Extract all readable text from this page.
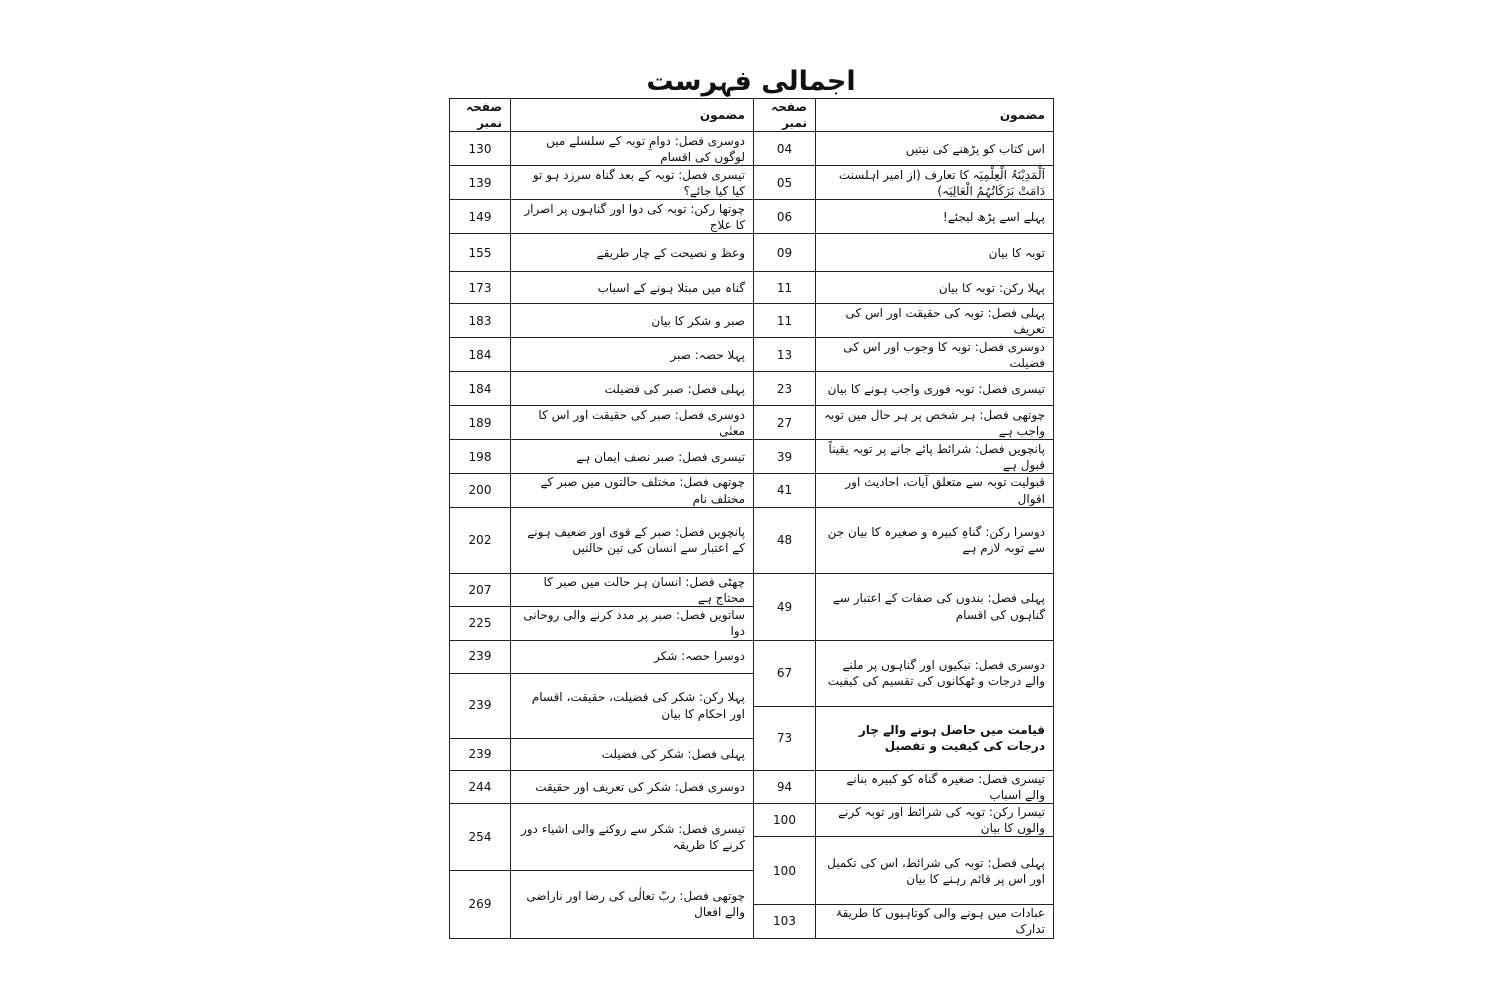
اجمالی فہرست
مضمون	صفحہ نمبر	مضمون	صفحہ نمبر
اس کتاب کو پڑھنے کی نیتیں	04	دوسری فصل: دوامِ توبہ کے سلسلے میں لوگوں کی اقسام	130
اَلْمَدِیْنَۃُ الْعِلْمِیَہ کا تعارف (از امیر اہلسنت دَامَتْ بَرَکَاتُہُمُ الْعَالِیَہ)	05	تیسری فصل: توبہ کے بعد گناہ سرزد ہو تو کیا کیا جائے؟	139
پہلے اسے پڑھ لیجئے!	06	چوتھا رکن: توبہ کی دوا اور گناہوں پر اصرار کا علاج	149
توبہ کا بیان	09	وعظ و نصیحت کے چار طریقے	155
پہلا رکن: توبہ کا بیان	11	گناہ میں مبتلا ہونے کے اسباب	173
پہلی فصل: توبہ کی حقیقت اور اس کی تعریف	11	صبر و شکر کا بیان	183
دوسری فصل: توبہ کا وجوب اور اس کی فضیلت	13	پہلا حصہ: صبر	184
تیسری فصل: توبہ فوری واجب ہونے کا بیان	23	پہلی فصل: صبر کی فضیلت	184
چوتھی فصل: ہر شخص پر ہر حال میں توبہ واجب ہے	27	دوسری فصل: صبر کی حقیقت اور اس کا معنٰی	189
پانچویں فصل: شرائط پائے جانے پر توبہ یقیناً قبول ہے	39	تیسری فصل: صبر نصف ایمان ہے	198
قبولیت توبہ سے متعلق آیات، احادیث اور اقوال	41	چوتھی فصل: مختلف حالتوں میں صبر کے مختلف نام	200
دوسرا رکن: گناہِ کبیرہ و صغیرہ کا بیان جن سے توبہ لازم ہے	48	پانچویں فصل: صبر کے قوی اور ضعیف ہونے کے اعتبار سے انسان کی تین حالتیں	202
پہلی فصل: بندوں کی صفات کے اعتبار سے گناہوں کی اقسام	49	چھٹی فصل: انسان ہر حالت میں صبر کا محتاج ہے	207
		ساتویں فصل: صبر پر مدد کرنے والی روحانی دوا	225
دوسری فصل: نیکیوں اور گناہوں پر ملنے والے درجات و ٹھکانوں کی تقسیم کی کیفیت	67	دوسرا حصہ: شکر	239
		پہلا رکن: شکر کی فضیلت، حقیقت، اقسام اور احکام کا بیان	239
قیامت میں حاصل ہونے والے چار درجات کی کیفیت و تفصیل	73		
		پہلی فصل: شکر کی فضیلت	239
تیسری فصل: صغیرہ گناہ کو کبیرہ بنانے والے اسباب	94	دوسری فصل: شکر کی تعریف اور حقیقت	244
تیسرا رکن: توبہ کی شرائط اور توبہ کرنے والوں کا بیان	100	تیسری فصل: شکر سے روکنے والی اشیاء دور کرنے کا طریقہ	254
پہلی فصل: توبہ کی شرائط، اس کی تکمیل اور اس پر قائم رہنے کا بیان	100		
		چوتھی فصل: ربّ تعالٰی کی رضا اور ناراضی والے افعال	269
عبادات میں ہونے والی کوتاہیوں کا طریقۂ تدارک	103		
